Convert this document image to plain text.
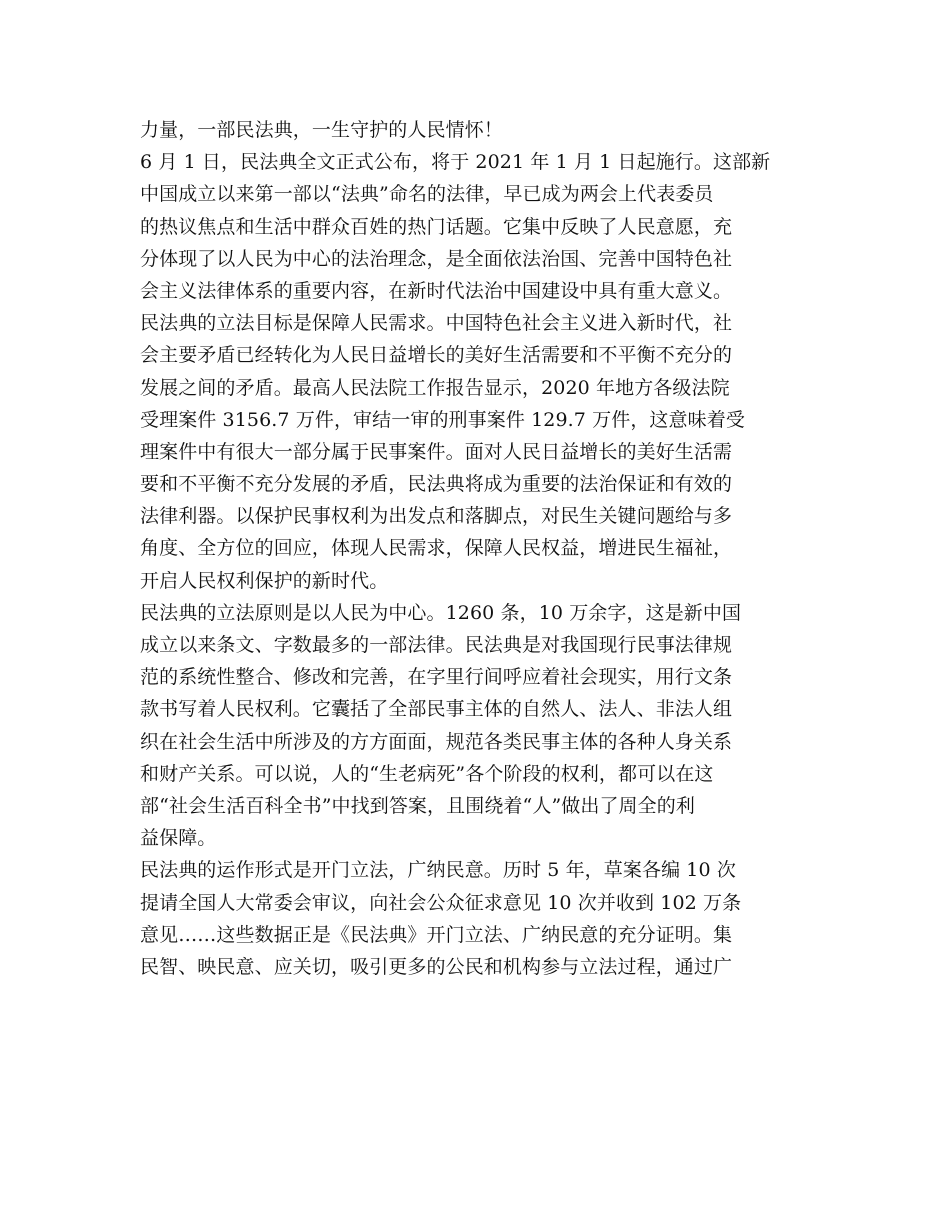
力量，一部民法典，一生守护的人民情怀！
6 月 1 日，民法典全文正式公布，将于 2021 年 1 月 1 日起施行。这部新
中国成立以来第一部以“法典”命名的法律，早已成为两会上代表委员
的热议焦点和生活中群众百姓的热门话题。它集中反映了人民意愿，充
分体现了以人民为中心的法治理念，是全面依法治国、完善中国特色社
会主义法律体系的重要内容，在新时代法治中国建设中具有重大意义。
民法典的立法目标是保障人民需求。中国特色社会主义进入新时代，社
会主要矛盾已经转化为人民日益增长的美好生活需要和不平衡不充分的
发展之间的矛盾。最高人民法院工作报告显示，2020 年地方各级法院
受理案件 3156.7 万件，审结一审的刑事案件 129.7 万件，这意味着受
理案件中有很大一部分属于民事案件。面对人民日益增长的美好生活需
要和不平衡不充分发展的矛盾，民法典将成为重要的法治保证和有效的
法律利器。以保护民事权利为出发点和落脚点，对民生关键问题给与多
角度、全方位的回应，体现人民需求，保障人民权益，增进民生福祉，
开启人民权利保护的新时代。
民法典的立法原则是以人民为中心。1260 条，10 万余字，这是新中国
成立以来条文、字数最多的一部法律。民法典是对我国现行民事法律规
范的系统性整合、修改和完善，在字里行间呼应着社会现实，用行文条
款书写着人民权利。它囊括了全部民事主体的自然人、法人、非法人组
织在社会生活中所涉及的方方面面，规范各类民事主体的各种人身关系
和财产关系。可以说，人的“生老病死”各个阶段的权利，都可以在这
部“社会生活百科全书”中找到答案，且围绕着“人”做出了周全的利
益保障。
民法典的运作形式是开门立法，广纳民意。历时 5 年，草案各编 10 次
提请全国人大常委会审议，向社会公众征求意见 10 次并收到 102 万条
意见……这些数据正是《民法典》开门立法、广纳民意的充分证明。集
民智、映民意、应关切，吸引更多的公民和机构参与立法过程，通过广
